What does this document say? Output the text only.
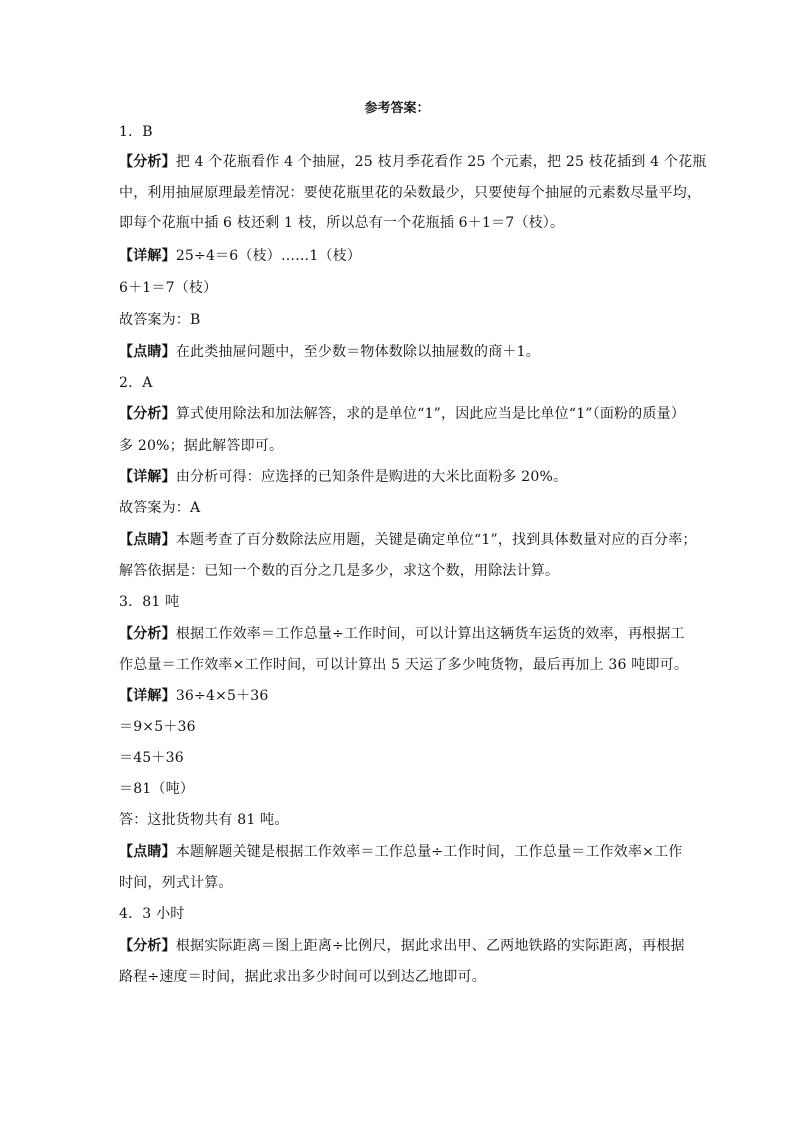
参考答案：
1．B
【分析】把 4 个花瓶看作 4 个抽屉，25 枝月季花看作 25 个元素，把 25 枝花插到 4 个花瓶
中，利用抽屉原理最差情况：要使花瓶里花的朵数最少，只要使每个抽屉的元素数尽量平均，
即每个花瓶中插 6 枝还剩 1 枝，所以总有一个花瓶插 6＋1＝7（枝）。
【详解】25÷4＝6（枝）……1（枝）
6＋1＝7（枝）
故答案为：B
【点睛】在此类抽屉问题中，至少数＝物体数除以抽屉数的商＋1。
2．A
【分析】算式使用除法和加法解答，求的是单位“1”，因此应当是比单位“1”（面粉的质量）
多 20%；据此解答即可。
【详解】由分析可得：应选择的已知条件是购进的大米比面粉多 20%。
故答案为：A
【点睛】本题考查了百分数除法应用题，关键是确定单位“1”，找到具体数量对应的百分率；
解答依据是：已知一个数的百分之几是多少，求这个数，用除法计算。
3．81 吨
【分析】根据工作效率＝工作总量÷工作时间，可以计算出这辆货车运货的效率，再根据工
作总量＝工作效率×工作时间，可以计算出 5 天运了多少吨货物，最后再加上 36 吨即可。
【详解】36÷4×5＋36
＝9×5＋36
＝45＋36
＝81（吨）
答：这批货物共有 81 吨。
【点睛】本题解题关键是根据工作效率＝工作总量÷工作时间，工作总量＝工作效率×工作
时间，列式计算。
4．3 小时
【分析】根据实际距离＝图上距离÷比例尺，据此求出甲、乙两地铁路的实际距离，再根据
路程÷速度＝时间，据此求出多少时间可以到达乙地即可。
